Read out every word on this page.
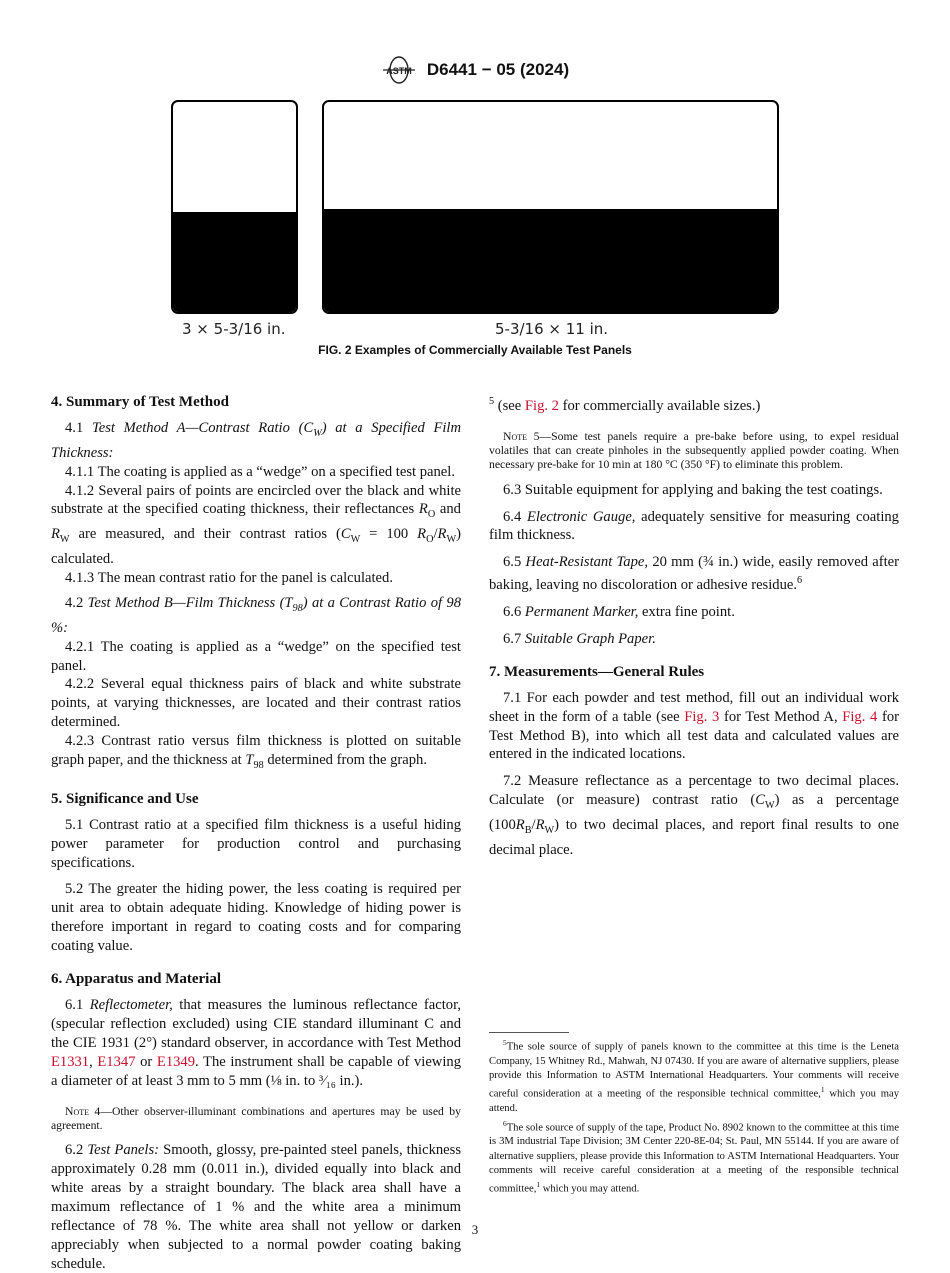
ASTM D6441 − 05 (2024)
3 × 5-3/16 in.	5-3/16 × 11 in.
FIG. 2 Examples of Commercially Available Test Panels
4. Summary of Test Method

4.1 Test Method A—Contrast Ratio $(C_W)$ at a Specified Film Thickness:

4.1.1 The coating is applied as a “wedge” on a specified test panel.

4.1.2 Several pairs of points are encircled over the black and white substrate at the specified coating thickness, their reflectances $R_O$ and $R_W$ are measured, and their contrast ratios ($C_W = 100$ $R_O/R_W$) calculated.

4.1.3 The mean contrast ratio for the panel is calculated.

4.2 Test Method B—Film Thickness $(T_{98})$ at a Contrast Ratio of 98 %:

4.2.1 The coating is applied as a “wedge” on the specified test panel.

4.2.2 Several equal thickness pairs of black and white substrate points, at varying thicknesses, are located and their contrast ratios determined.

4.2.3 Contrast ratio versus film thickness is plotted on suitable graph paper, and the thickness at $T_{98}$ determined from the graph.

5. Significance and Use

5.1 Contrast ratio at a specified film thickness is a useful hiding power parameter for production control and purchasing specifications.

5.2 The greater the hiding power, the less coating is required per unit area to obtain adequate hiding. Knowledge of hiding power is therefore important in regard to coating costs and for comparing coating value.

6. Apparatus and Material

6.1 Reflectometer, that measures the luminous reflectance factor, (specular reflection excluded) using CIE standard illuminant C and the CIE 1931 (2°) standard observer, in accordance with Test Method E1331, E1347 or E1349. The instrument shall be capable of viewing a diameter of at least 3 mm to 5 mm (⅛ in. to ³⁄₁₆ in.).

Note 4—Other observer-illuminant combinations and apertures may be used by agreement.

6.2 Test Panels: Smooth, glossy, pre-painted steel panels, thickness approximately 0.28 mm (0.011 in.), divided equally into black and white areas by a straight boundary. The black area shall have a maximum reflectance of 1 % and the white area a minimum reflectance of 78 %. The white area shall not yellow or darken appreciably when subjected to a normal powder coating baking schedule.

$^5$ (see Fig. 2 for commercially available sizes.)

Note 5—Some test panels require a pre-bake before using, to expel residual volatiles that can create pinholes in the subsequently applied powder coating. When necessary pre-bake for 10 min at 180 °C (350 °F) to eliminate this problem.

6.3 Suitable equipment for applying and baking the test coatings.

6.4 Electronic Gauge, adequately sensitive for measuring coating film thickness.

6.5 Heat-Resistant Tape, 20 mm (¾ in.) wide, easily removed after baking, leaving no discoloration or adhesive residue.$^6$

6.6 Permanent Marker, extra fine point.

6.7 Suitable Graph Paper.

7. Measurements—General Rules

7.1 For each powder and test method, fill out an individual work sheet in the form of a table (see Fig. 3 for Test Method A, Fig. 4 for Test Method B), into which all test data and calculated values are entered in the indicated locations.

7.2 Measure reflectance as a percentage to two decimal places. Calculate (or measure) contrast ratio $(C_W)$ as a percentage $(100R_B/R_W)$ to two decimal places, and report final results to one decimal place.

$^5$The sole source of supply of panels known to the committee at this time is the Leneta Company, 15 Whitney Rd., Mahwah, NJ 07430. If you are aware of alternative suppliers, please provide this Information to ASTM International Headquarters. Your comments will receive careful consideration at a meeting of the responsible technical committee,$^1$ which you may attend.

$^6$The sole source of supply of the tape, Product No. 8902 known to the committee at this time is 3M industrial Tape Division; 3M Center 220-8E-04; St. Paul, MN 55144. If you are aware of alternative suppliers, please provide this Information to ASTM International Headquarters. Your comments will receive careful consideration at a meeting of the responsible technical committee,$^1$ which you may attend.

3
